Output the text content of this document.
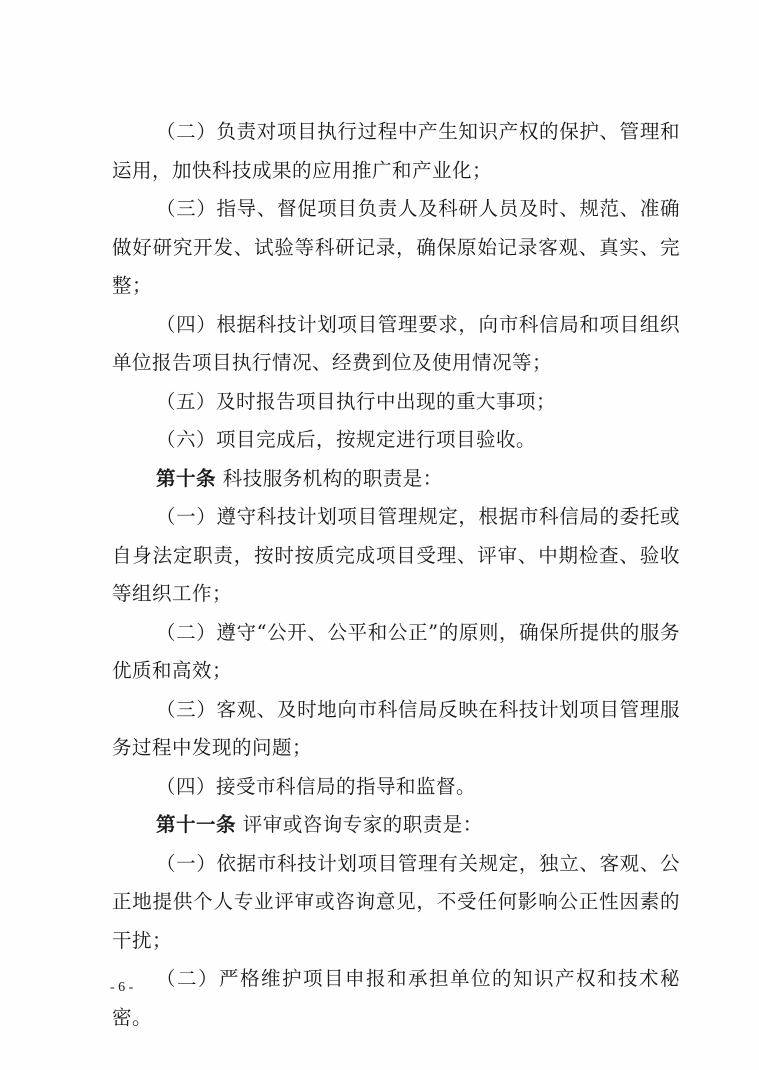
（二）负责对项目执行过程中产生知识产权的保护、管理和
运用，加快科技成果的应用推广和产业化；
（三）指导、督促项目负责人及科研人员及时、规范、准确
做好研究开发、试验等科研记录，确保原始记录客观、真实、完
整；
（四）根据科技计划项目管理要求，向市科信局和项目组织
单位报告项目执行情况、经费到位及使用情况等；
（五）及时报告项目执行中出现的重大事项；
（六）项目完成后，按规定进行项目验收。
第十条 科技服务机构的职责是：
（一）遵守科技计划项目管理规定，根据市科信局的委托或
自身法定职责，按时按质完成项目受理、评审、中期检查、验收
等组织工作；
（二）遵守“公开、公平和公正”的原则，确保所提供的服务
优质和高效；
（三）客观、及时地向市科信局反映在科技计划项目管理服
务过程中发现的问题；
（四）接受市科信局的指导和监督。
第十一条 评审或咨询专家的职责是：
（一）依据市科技计划项目管理有关规定，独立、客观、公
正地提供个人专业评审或咨询意见，不受任何影响公正性因素的
干扰；
（二）严格维护项目申报和承担单位的知识产权和技术秘
密。
- 6 -
